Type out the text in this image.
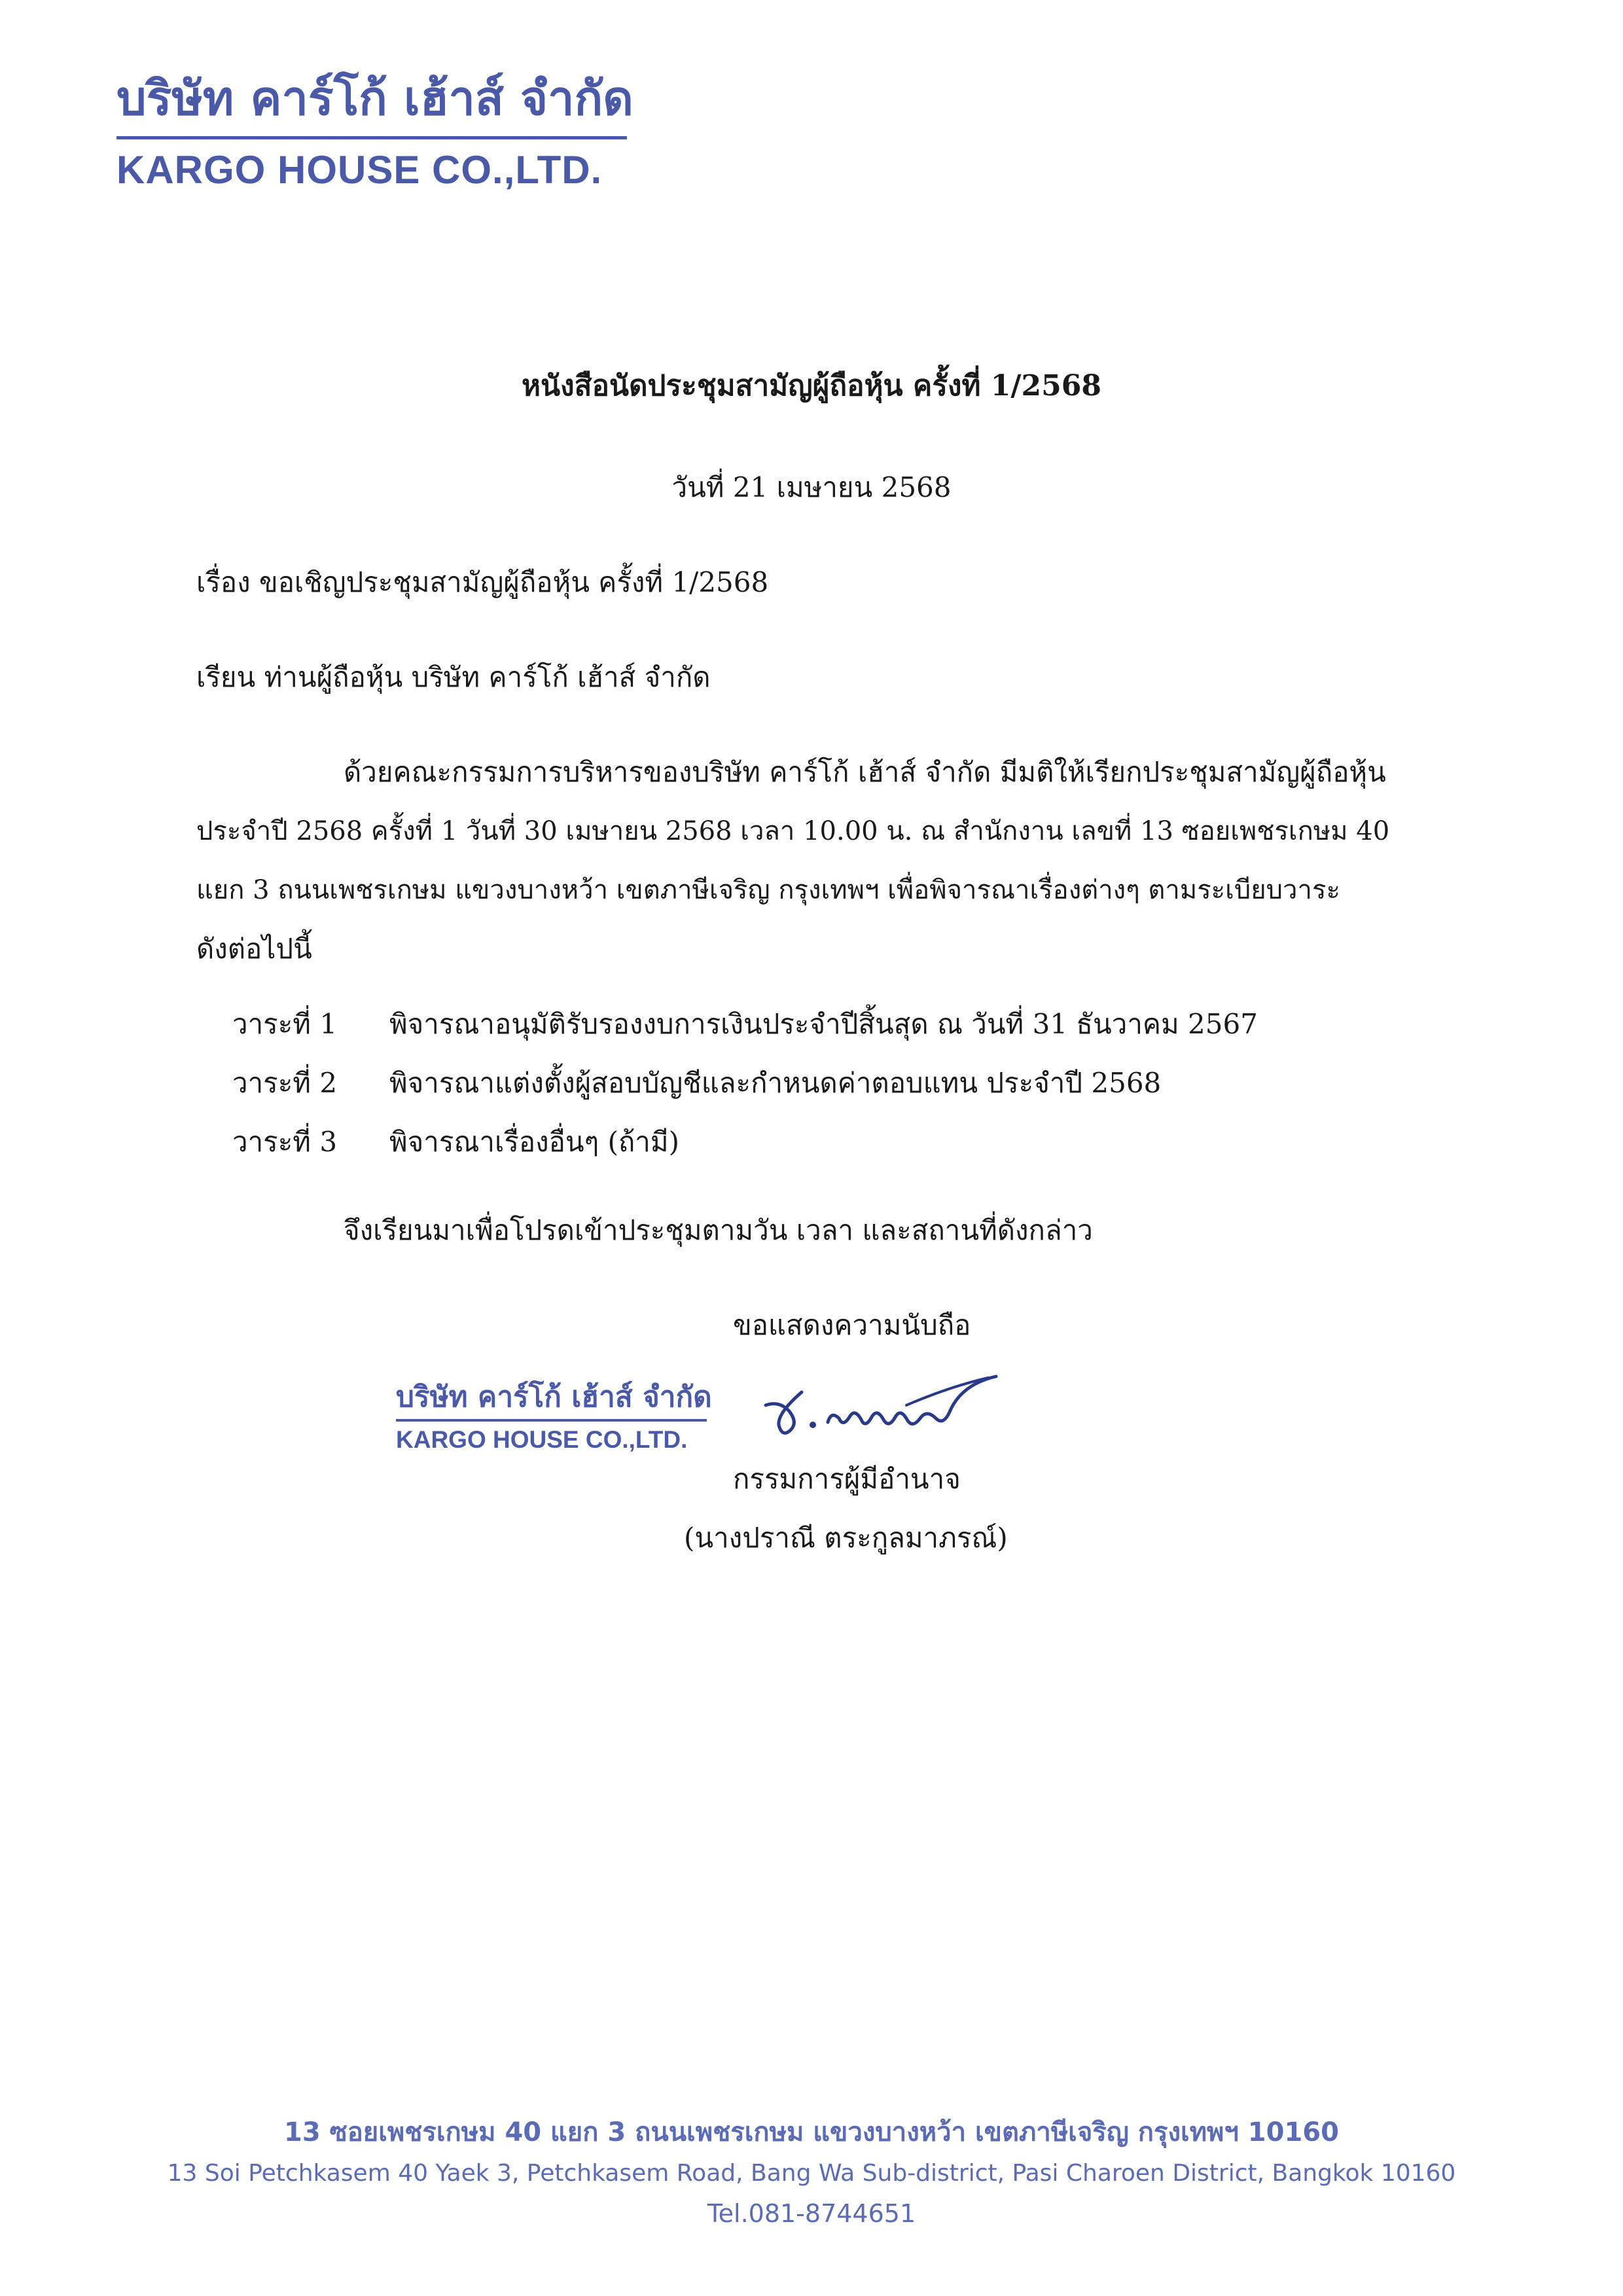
บริษัท คาร์โก้ เฮ้าส์ จำกัด
KARGO HOUSE CO.,LTD.
หนังสือนัดประชุมสามัญผู้ถือหุ้น ครั้งที่ 1/2568
วันที่ 21 เมษายน 2568
เรื่อง ขอเชิญประชุมสามัญผู้ถือหุ้น ครั้งที่ 1/2568
เรียน ท่านผู้ถือหุ้น บริษัท คาร์โก้ เฮ้าส์ จำกัด
ด้วยคณะกรรมการบริหารของบริษัท คาร์โก้ เฮ้าส์ จำกัด มีมติให้เรียกประชุมสามัญผู้ถือหุ้น
ประจำปี 2568 ครั้งที่ 1 วันที่ 30 เมษายน 2568 เวลา 10.00 น. ณ สำนักงาน เลขที่ 13 ซอยเพชรเกษม 40
แยก 3 ถนนเพชรเกษม แขวงบางหว้า เขตภาษีเจริญ กรุงเทพฯ เพื่อพิจารณาเรื่องต่างๆ ตามระเบียบวาระ
ดังต่อไปนี้
วาระที่ 1 พิจารณาอนุมัติรับรองงบการเงินประจำปีสิ้นสุด ณ วันที่ 31 ธันวาคม 2567
วาระที่ 2 พิจารณาแต่งตั้งผู้สอบบัญชีและกำหนดค่าตอบแทน ประจำปี 2568
วาระที่ 3 พิจารณาเรื่องอื่นๆ (ถ้ามี)
จึงเรียนมาเพื่อโปรดเข้าประชุมตามวัน เวลา และสถานที่ดังกล่าว
ขอแสดงความนับถือ
บริษัท คาร์โก้ เฮ้าส์ จำกัด
KARGO HOUSE CO.,LTD.
กรรมการผู้มีอำนาจ
(นางปราณี ตระกูลมาภรณ์)
13 ซอยเพชรเกษม 40 แยก 3 ถนนเพชรเกษม แขวงบางหว้า เขตภาษีเจริญ กรุงเทพฯ 10160
13 Soi Petchkasem 40 Yaek 3, Petchkasem Road, Bang Wa Sub-district, Pasi Charoen District, Bangkok 10160
Tel.081-8744651
